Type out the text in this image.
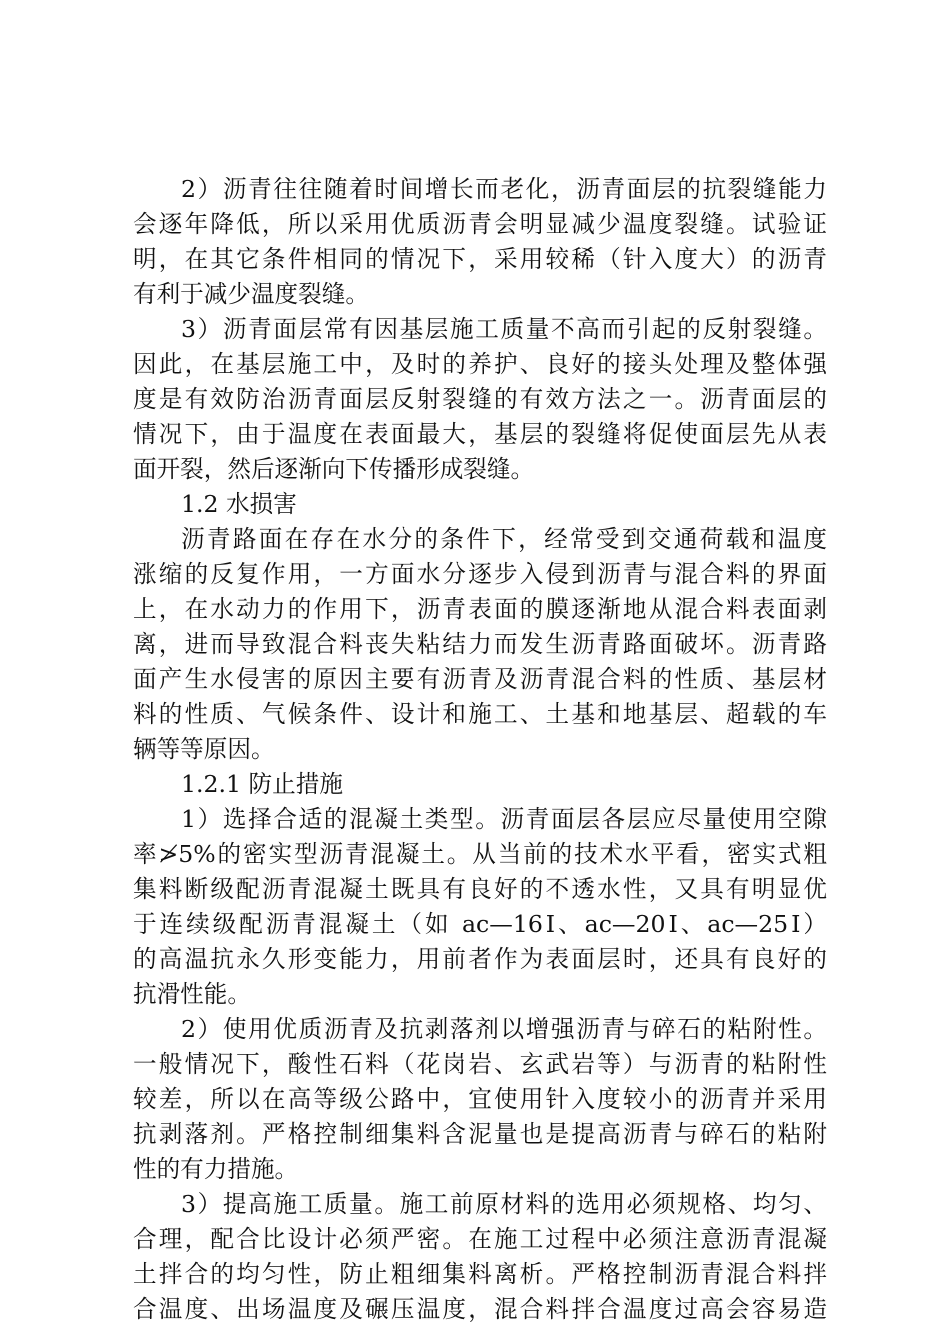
2）沥青往往随着时间增长而老化，沥青面层的抗裂缝能力
会逐年降低，所以采用优质沥青会明显减少温度裂缝。试验证
明，在其它条件相同的情况下，采用较稀（针入度大）的沥青
有利于减少温度裂缝。
3）沥青面层常有因基层施工质量不高而引起的反射裂缝。
因此，在基层施工中，及时的养护、良好的接头处理及整体强
度是有效防治沥青面层反射裂缝的有效方法之一。沥青面层的
情况下，由于温度在表面最大，基层的裂缝将促使面层先从表
面开裂，然后逐渐向下传播形成裂缝。
1.2 水损害
沥青路面在存在水分的条件下，经常受到交通荷载和温度
涨缩的反复作用，一方面水分逐步入侵到沥青与混合料的界面
上，在水动力的作用下，沥青表面的膜逐渐地从混合料表面剥
离，进而导致混合料丧失粘结力而发生沥青路面破坏。沥青路
面产生水侵害的原因主要有沥青及沥青混合料的性质、基层材
料的性质、气候条件、设计和施工、土基和地基层、超载的车
辆等等原因。
1.2.1 防止措施
1）选择合适的混凝土类型。沥青面层各层应尽量使用空隙
率≯5%的密实型沥青混凝土。从当前的技术水平看，密实式粗
集料断级配沥青混凝土既具有良好的不透水性，又具有明显优
于连续级配沥青混凝土（如 ac—16Ⅰ、ac—20Ⅰ、ac—25Ⅰ）
的高温抗永久形变能力，用前者作为表面层时，还具有良好的
抗滑性能。
2）使用优质沥青及抗剥落剂以增强沥青与碎石的粘附性。
一般情况下，酸性石料（花岗岩、玄武岩等）与沥青的粘附性
较差，所以在高等级公路中，宜使用针入度较小的沥青并采用
抗剥落剂。严格控制细集料含泥量也是提高沥青与碎石的粘附
性的有力措施。
3）提高施工质量。施工前原材料的选用必须规格、均匀、
合理，配合比设计必须严密。在施工过程中必须注意沥青混凝
土拌合的均匀性，防止粗细集料离析。严格控制沥青混合料拌
合温度、出场温度及碾压温度，混合料拌合温度过高会容易造
